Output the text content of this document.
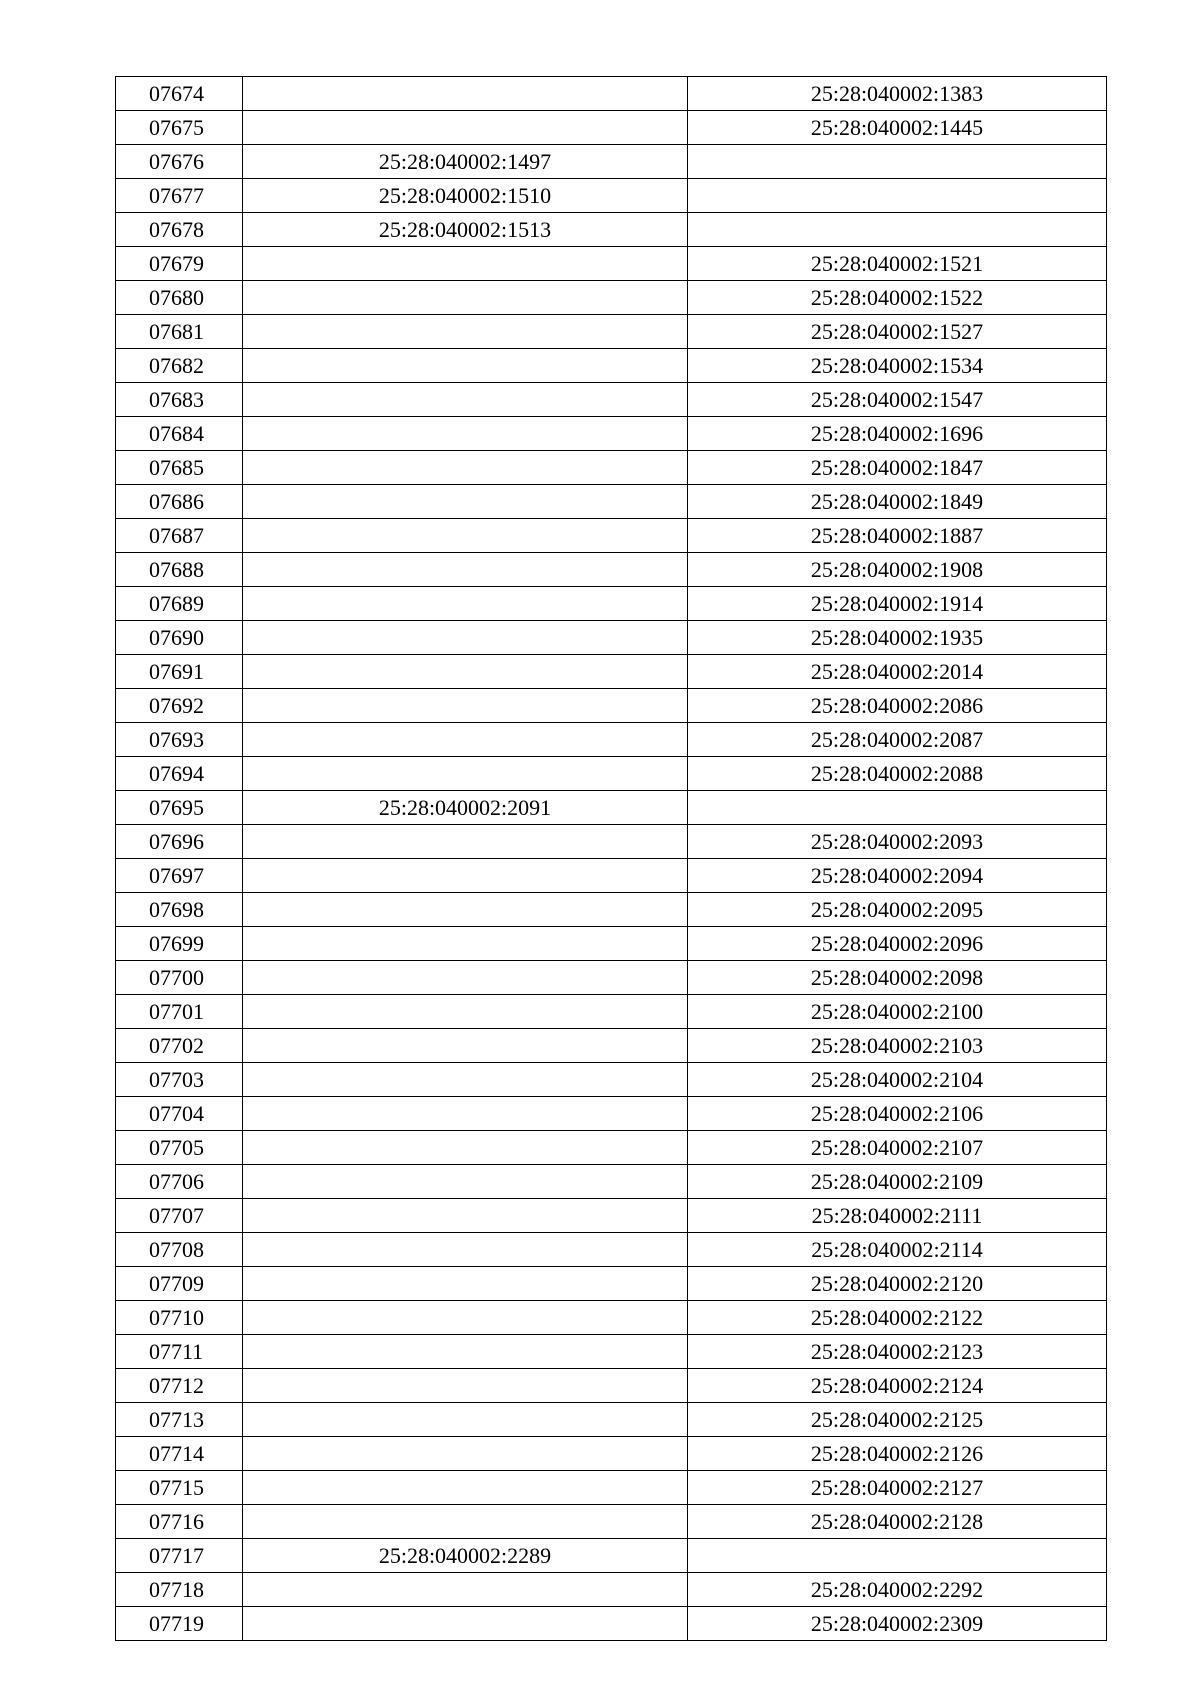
07674		25:28:040002:1383
07675		25:28:040002:1445
07676	25:28:040002:1497	
07677	25:28:040002:1510	
07678	25:28:040002:1513	
07679		25:28:040002:1521
07680		25:28:040002:1522
07681		25:28:040002:1527
07682		25:28:040002:1534
07683		25:28:040002:1547
07684		25:28:040002:1696
07685		25:28:040002:1847
07686		25:28:040002:1849
07687		25:28:040002:1887
07688		25:28:040002:1908
07689		25:28:040002:1914
07690		25:28:040002:1935
07691		25:28:040002:2014
07692		25:28:040002:2086
07693		25:28:040002:2087
07694		25:28:040002:2088
07695	25:28:040002:2091	
07696		25:28:040002:2093
07697		25:28:040002:2094
07698		25:28:040002:2095
07699		25:28:040002:2096
07700		25:28:040002:2098
07701		25:28:040002:2100
07702		25:28:040002:2103
07703		25:28:040002:2104
07704		25:28:040002:2106
07705		25:28:040002:2107
07706		25:28:040002:2109
07707		25:28:040002:2111
07708		25:28:040002:2114
07709		25:28:040002:2120
07710		25:28:040002:2122
07711		25:28:040002:2123
07712		25:28:040002:2124
07713		25:28:040002:2125
07714		25:28:040002:2126
07715		25:28:040002:2127
07716		25:28:040002:2128
07717	25:28:040002:2289	
07718		25:28:040002:2292
07719		25:28:040002:2309
